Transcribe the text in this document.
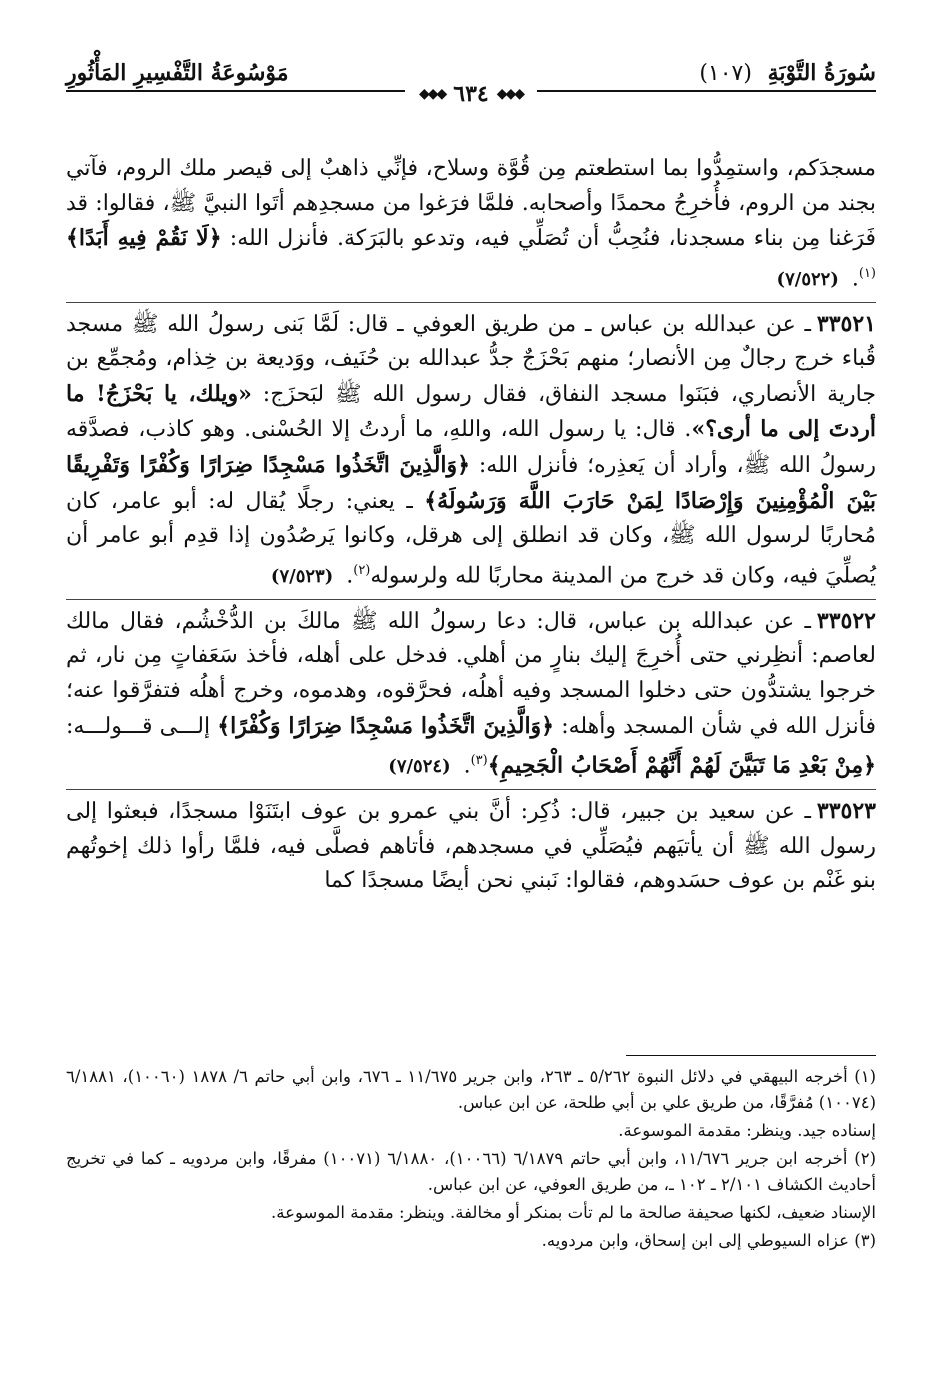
سُورَةُ التَّوْبَةِ (١٠٧)
مَوْسُوعَةُ التَّفْسِيرِ المَأْثُورِ
◆◆◆
٦٣٤
◆◆◆

مسجدَكم، واستمِدُّوا بما استطعتم مِن قُوَّة وسلاح، فإنِّي ذاهبٌ إلى قيصر ملك الروم، فآتي بجند من الروم، فأُخرِجُ محمدًا وأصحابه. فلمَّا فرَغوا من مسجدِهم أتَوا النبيَّ ﷺ، فقالوا: قد فَرَغنا مِن بناء مسجدنا، فنُحِبُّ أن تُصَلِّي فيه، وتدعو بالبَرَكة. فأنزل الله: ﴿لَا نَقُمْ فِيهِ أَبَدًا﴾$^{(١)}$. (٧/٥٢٢)

٣٣٥٢١ـ عن عبدالله بن عباس ـ من طريق العوفي ـ قال: لَمَّا بَنى رسولُ الله ﷺ مسجد قُباء خرج رجالٌ مِن الأنصار؛ منهم بَحْزَجٌ جدُّ عبدالله بن حُنَيف، ووَديعة بن خِذام، ومُجمِّع بن جارية الأنصاري، فبَنَوا مسجد النفاق، فقال رسول الله ﷺ لبَحزَج: «ويلك، يا بَحْزَجُ! ما أردتَ إلى ما أرى؟». قال: يا رسول الله، واللهِ، ما أردتُ إلا الحُسْنى. وهو كاذب، فصدَّقه رسولُ الله ﷺ، وأراد أن يَعذِره؛ فأنزل الله: ﴿وَالَّذِينَ اتَّخَذُوا مَسْجِدًا ضِرَارًا وَكُفْرًا وَتَفْرِيقًا بَيْنَ الْمُؤْمِنِينَ وَإِرْصَادًا لِمَنْ حَارَبَ اللَّهَ وَرَسُولَهُ﴾ ـ يعني: رجلًا يُقال له: أبو عامر، كان مُحاربًا لرسول الله ﷺ، وكان قد انطلق إلى هرقل، وكانوا يَرصُدُون إذا قدِم أبو عامر أن يُصلِّيَ فيه، وكان قد خرج من المدينة محاربًا لله ولرسوله$^{(٢)}$. (٧/٥٢٣)

٣٣٥٢٢ـ عن عبدالله بن عباس، قال: دعا رسولُ الله ﷺ مالكَ بن الدُّخْشُم، فقال مالك لعاصم: أنظِرني حتى أُخرِجَ إليك بنارٍ من أهلي. فدخل على أهله، فأخذ سَعَفاتٍ مِن نار، ثم خرجوا يشتدُّون حتى دخلوا المسجد وفيه أهلُه، فحرَّقوه، وهدموه، وخرج أهلُه فتفرَّقوا عنه؛ فأنزل الله في شأن المسجد وأهله: ﴿وَالَّذِينَ اتَّخَذُوا مَسْجِدًا ضِرَارًا وَكُفْرًا﴾ إلـــى قـــولـــه: ﴿مِنْ بَعْدِ مَا تَبَيَّنَ لَهُمْ أَنَّهُمْ أَصْحَابُ الْجَحِيمِ﴾$^{(٣)}$. (٧/٥٢٤)

٣٣٥٢٣ـ عن سعيد بن جبير، قال: ذُكِر: أنَّ بني عمرو بن عوف ابتَنَوْا مسجدًا، فبعثوا إلى رسول الله ﷺ أن يأتيَهم فيُصَلِّي في مسجدهم، فأتاهم فصلَّى فيه، فلمَّا رأوا ذلك إخوتُهم بنو غَنْم بن عوف حسَدوهم، فقالوا: نَبني نحن أيضًا مسجدًا كما

(١) أخرجه البيهقي في دلائل النبوة ٥/٢٦٢ ـ ٢٦٣، وابن جرير ١١/٦٧٥ ـ ٦٧٦، وابن أبي حاتم ٦/ ١٨٧٨ (١٠٠٦٠)، ٦/١٨٨١ (١٠٠٧٤) مُفرَّقًا، من طريق علي بن أبي طلحة، عن ابن عباس.

إسناده جيد. وينظر: مقدمة الموسوعة.

(٢) أخرجه ابن جرير ١١/٦٧٦، وابن أبي حاتم ٦/١٨٧٩ (١٠٠٦٦)، ٦/١٨٨٠ (١٠٠٧١) مفرقًا، وابن مردويه ـ كما في تخريج أحاديث الكشاف ٢/١٠١ ـ ١٠٢ ـ، من طريق العوفي، عن ابن عباس.

الإسناد ضعيف، لكنها صحيفة صالحة ما لم تأت بمنكر أو مخالفة. وينظر: مقدمة الموسوعة.

(٣) عزاه السيوطي إلى ابن إسحاق، وابن مردويه.
